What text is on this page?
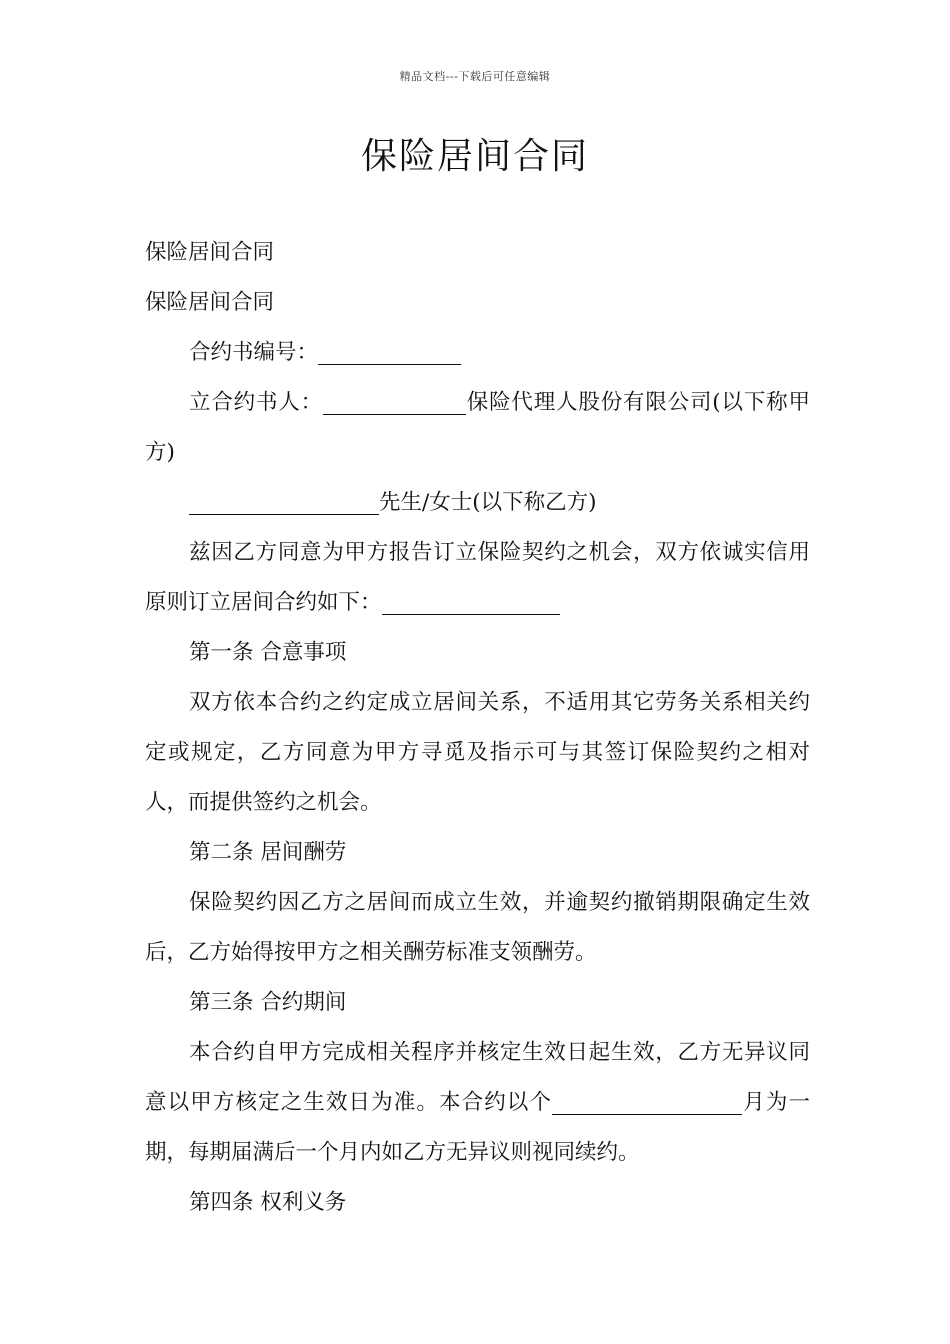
精品文档---下载后可任意编辑
保险居间合同

保险居间合同

保险居间合同

合约书编号：

立合约书人：	保险代理人股份有限公司(以下称甲方)

先生/女士(以下称乙方)

兹因乙方同意为甲方报告订立保险契约之机会，双方依诚实信用原则订立居间合约如下：

第一条 合意事项

双方依本合约之约定成立居间关系，不适用其它劳务关系相关约定或规定，乙方同意为甲方寻觅及指示可与其签订保险契约之相对人，而提供签约之机会。

第二条 居间酬劳

保险契约因乙方之居间而成立生效，并逾契约撤销期限确定生效后，乙方始得按甲方之相关酬劳标准支领酬劳。

第三条 合约期间

本合约自甲方完成相关程序并核定生效日起生效，乙方无异议同意以甲方核定之生效日为准。本合约以个	月为一期，每期届满后一个月内如乙方无异议则视同续约。

第四条 权利义务
